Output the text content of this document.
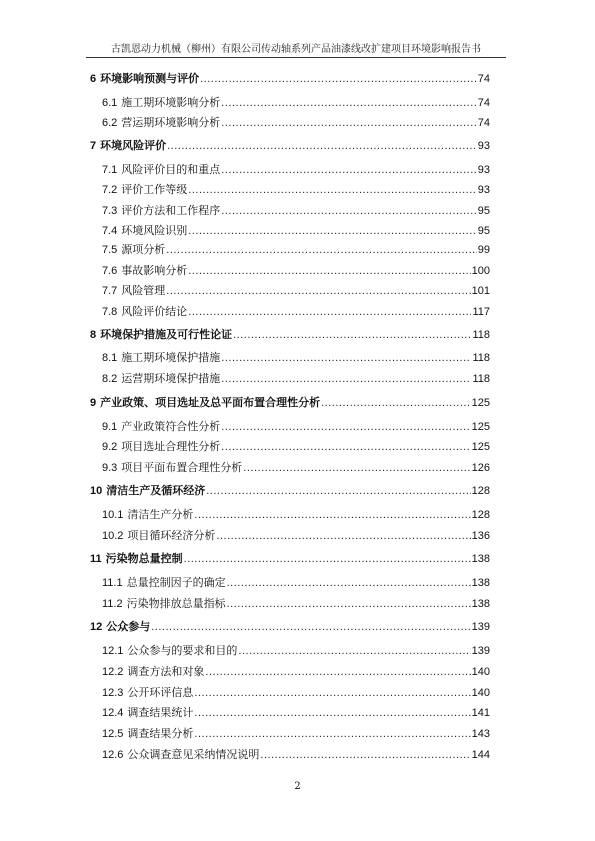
古凯恩动力机械（柳州）有限公司传动轴系列产品油漆线改扩建项目环境影响报告书
6 环境影响预测与评价 .....	74
6.1 施工期环境影响分析 .....	74
6.2 营运期环境影响分析 .....	74
7 环境风险评价 .....	93
7.1 风险评价目的和重点 .....	93
7.2 评价工作等级 .....	93
7.3 评价方法和工作程序 .....	95
7.4 环境风险识别 .....	95
7.5 源项分析 .....	99
7.6 事故影响分析 .....	100
7.7 风险管理 .....	101
7.8 风险评价结论 .....	117
8 环境保护措施及可行性论证 .....	118
8.1 施工期环境保护措施 .....	118
8.2 运营期环境保护措施 .....	118
9 产业政策、项目选址及总平面布置合理性分析 .....	125
9.1 产业政策符合性分析 .....	125
9.2 项目选址合理性分析 .....	125
9.3 项目平面布置合理性分析 .....	126
10 清洁生产及循环经济 .....	128
10.1 清洁生产分析 .....	128
10.2 项目循环经济分析 .....	136
11 污染物总量控制 .....	138
11.1 总量控制因子的确定 .....	138
11.2 污染物排放总量指标 .....	138
12 公众参与 .....	139
12.1 公众参与的要求和目的 .....	139
12.2 调查方法和对象 .....	140
12.3 公开环评信息 .....	140
12.4 调查结果统计 .....	141
12.5 调查结果分析 .....	143
12.6 公众调查意见采纳情况说明 .....	144
2
